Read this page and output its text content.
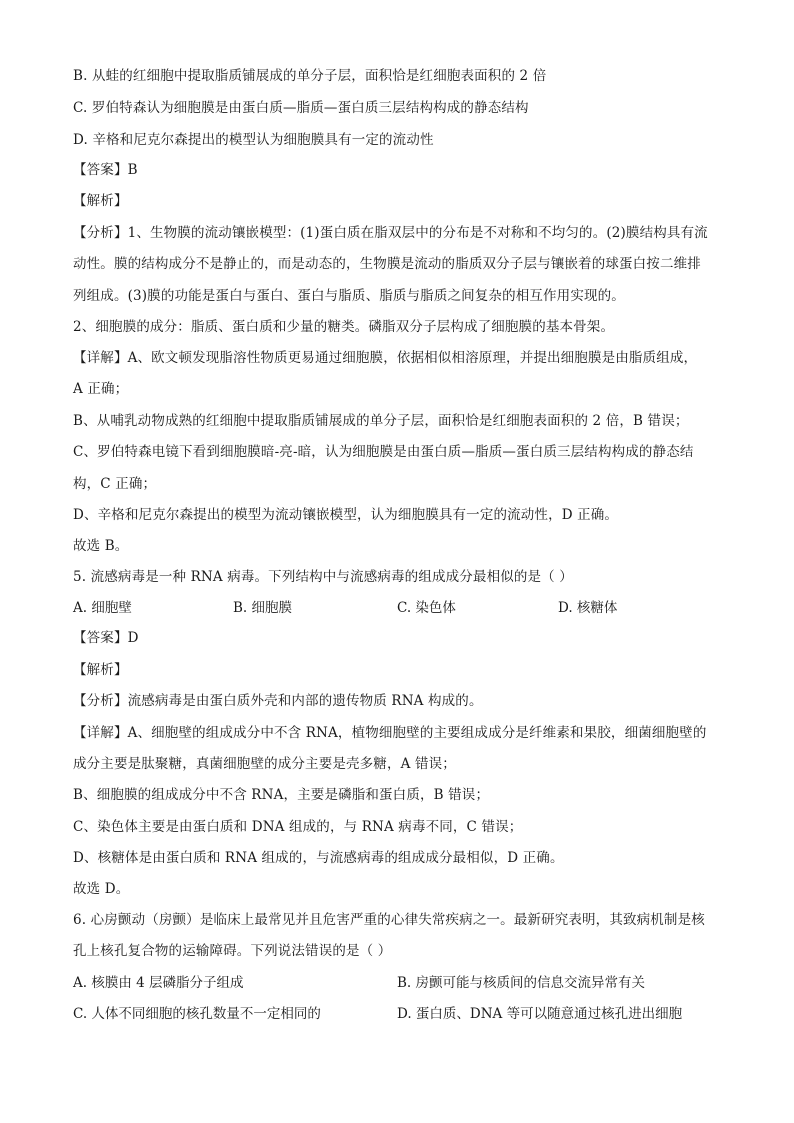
B. 从蛙的红细胞中提取脂质铺展成的单分子层，面积恰是红细胞表面积的 2 倍
C. 罗伯特森认为细胞膜是由蛋白质—脂质—蛋白质三层结构构成的静态结构
D. 辛格和尼克尔森提出的模型认为细胞膜具有一定的流动性
【答案】B
【解析】
【分析】1、生物膜的流动镶嵌模型：(1)蛋白质在脂双层中的分布是不对称和不均匀的。(2)膜结构具有流
动性。膜的结构成分不是静止的，而是动态的，生物膜是流动的脂质双分子层与镶嵌着的球蛋白按二维排
列组成。(3)膜的功能是蛋白与蛋白、蛋白与脂质、脂质与脂质之间复杂的相互作用实现的。
2、细胞膜的成分：脂质、蛋白质和少量的糖类。磷脂双分子层构成了细胞膜的基本骨架。
【详解】A、欧文顿发现脂溶性物质更易通过细胞膜，依据相似相溶原理，并提出细胞膜是由脂质组成，
A 正确；
B、从哺乳动物成熟的红细胞中提取脂质铺展成的单分子层，面积恰是红细胞表面积的 2 倍，B 错误；
C、罗伯特森电镜下看到细胞膜暗-亮-暗，认为细胞膜是由蛋白质—脂质—蛋白质三层结构构成的静态结
构，C 正确；
D、辛格和尼克尔森提出的模型为流动镶嵌模型，认为细胞膜具有一定的流动性，D 正确。
故选 B。
5. 流感病毒是一种 RNA 病毒。下列结构中与流感病毒的组成成分最相似的是（ ）
A. 细胞壁	B. 细胞膜	C. 染色体	D. 核糖体
【答案】D
【解析】
【分析】流感病毒是由蛋白质外壳和内部的遗传物质 RNA 构成的。
【详解】A、细胞壁的组成成分中不含 RNA，植物细胞壁的主要组成成分是纤维素和果胶，细菌细胞壁的
成分主要是肽聚糖，真菌细胞壁的成分主要是壳多糖，A 错误；
B、细胞膜的组成成分中不含 RNA，主要是磷脂和蛋白质，B 错误；
C、染色体主要是由蛋白质和 DNA 组成的，与 RNA 病毒不同，C 错误；
D、核糖体是由蛋白质和 RNA 组成的，与流感病毒的组成成分最相似，D 正确。
故选 D。
6. 心房颤动（房颤）是临床上最常见并且危害严重的心律失常疾病之一。最新研究表明，其致病机制是核
孔上核孔复合物的运输障碍。下列说法错误的是（ ）
A. 核膜由 4 层磷脂分子组成	B. 房颤可能与核质间的信息交流异常有关
C. 人体不同细胞的核孔数量不一定相同的	D. 蛋白质、DNA 等可以随意通过核孔进出细胞
